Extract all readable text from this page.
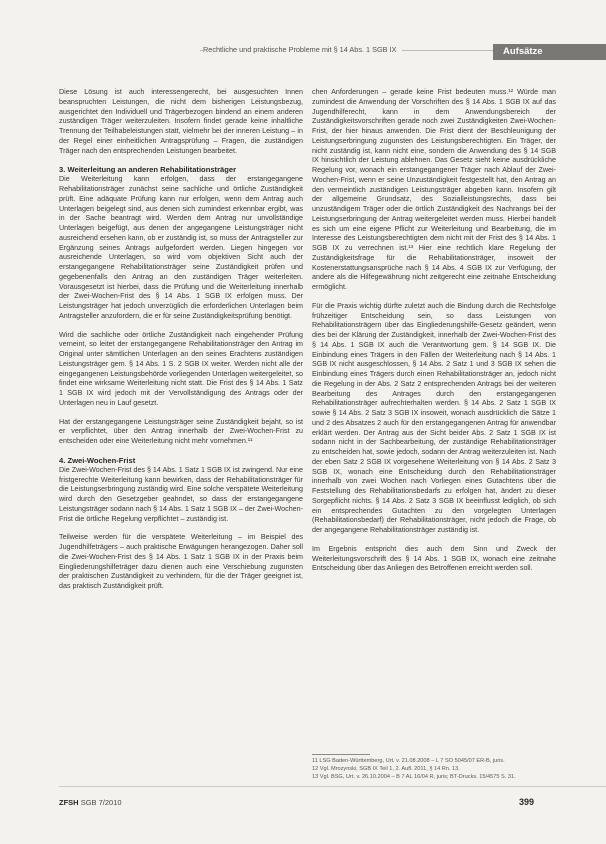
Rechtliche und praktische Probleme mit § 14 Abs. 1 SGB IX	Aufsätze

Diese Lösung ist auch interessengerecht, bei ausgesuchten Innen beanspruchten Leistungen, die nicht dem bisherigen Leistungsbezug, ausgerichtet den Individuell und Trägerbezogen bindend an einem anderen zuständigen Träger weiterzuleiten. Insofern findet gerade keine inhaltliche Trennung der Teilhabeleistungen statt, vielmehr bei der inneren Leistung – in der Regel einer einheitlichen Antragsprüfung – Fragen, die zuständigen Träger nach den entsprechenden Leistungen bearbeitet.

3. Weiterleitung an anderen Rehabilitationsträger

Die Weiterleitung kann erfolgen, dass der erstangegangene Rehabilitationsträger zunächst seine sachliche und örtliche Zuständigkeit prüft. Eine adäquate Prüfung kann nur erfolgen, wenn dem Antrag auch Unterlagen beigelegt sind, aus denen sich zumindest erkennbar ergibt, was in der Sache beantragt wird. Werden dem Antrag nur unvollständige Unterlagen beigefügt, aus denen der angegangene Leistungsträger nicht ausreichend ersehen kann, ob er zuständig ist, so muss der Antragsteller zur Ergänzung seines Antrags aufgefordert werden. Liegen hingegen vor ausreichende Unterlagen, so wird vom objektiven Sicht auch der erstangegangene Rehabilitationsträger seine Zuständigkeit prüfen und gegebenenfalls den Antrag an den zuständigen Träger weiterleiten. Vorausgesetzt ist hierbei, dass die Prüfung und die Weiterleitung innerhalb der Zwei-Wochen-Frist des § 14 Abs. 1 SGB IX erfolgen muss. Der Leistungsträger hat jedoch unverzüglich die erforderlichen Unterlagen beim Antragsteller anzufordern, die er für seine Zuständigkeitsprüfung benötigt.

Wird die sachliche oder örtliche Zuständigkeit nach eingehender Prüfung verneint, so leitet der erstangegangene Rehabilitationsträger den Antrag im Original unter sämtlichen Unterlagen an den seines Erachtens zuständigen Leistungsträger gem. § 14 Abs. 1 S. 2 SGB IX weiter. Werden nicht alle der eingegangenen Leistungsbehörde vorliegenden Unterlagen weitergeleitet, so findet eine wirksame Weiterleitung nicht statt. Die Frist des § 14 Abs. 1 Satz 1 SGB IX wird jedoch mit der Vervollständigung des Antrags oder der Unterlagen neu in Lauf gesetzt.

Hat der erstangegangene Leistungsträger seine Zuständigkeit bejaht, so ist er verpflichtet, über den Antrag innerhalb der Zwei-Wochen-Frist zu entscheiden oder eine Weiterleitung nicht mehr vornehmen.¹¹

4. Zwei-Wochen-Frist

Die Zwei-Wochen-Frist des § 14 Abs. 1 Satz 1 SGB IX ist zwingend. Nur eine fristgerechte Weiterleitung kann bewirken, dass der Rehabilitationsträger für die Leistungserbringung zuständig wird. Eine solche verspätete Weiterleitung wird durch den Gesetzgeber geahndet, so dass der erstangegangene Leistungsträger sodann nach § 14 Abs. 1 Satz 1 SGB IX – der Zwei-Wochen-Frist die örtliche Regelung verpflichtet – zuständig ist.

Teilweise werden für die verspätete Weiterleitung – im Beispiel des Jugendhilfeträgers – auch praktische Erwägungen herangezogen. Daher soll die Zwei-Wochen-Frist des § 14 Abs. 1 Satz 1 SGB IX in der Praxis beim Eingliederungshilfeträger dazu dienen auch eine Verschiebung zugunsten der praktischen Zuständigkeit zu verhindern, für die der Träger geeignet ist, das praktisch Zuständigkeit prüft.

chen Anforderungen – gerade keine Frist bedeuten muss.¹² Würde man zumindest die Anwendung der Vorschriften des § 14 Abs. 1 SGB IX auf das Jugendhilferecht, kann in dem Anwendungsbereich der Zuständigkeitsvorschriften gerade noch zwei Zuständigkeiten Zwei-Wochen-Frist, der hier hinaus anwenden. Die Frist dient der Beschleunigung der Leistungserbringung zugunsten des Leistungsberechtigten. Ein Träger, der nicht zuständig ist, kann nicht eine, sondern die Anwendung des § 14 SGB IX hinsichtlich der Leistung ablehnen. Das Gesetz sieht keine ausdrückliche Regelung vor, wonach ein erstangegangener Träger nach Ablauf der Zwei-Wochen-Frist, wenn er seine Unzuständigkeit festgestellt hat, den Antrag an den vermeintlich zuständigen Leistungsträger abgeben kann. Insofern gilt der allgemeine Grundsatz, des Sozialleistungsrechts, dass bei unzuständigem Träger oder die örtlich Zuständigkeit des Nachrangs bei der Leistungserbringung der Antrag weitergeleitet werden muss. Hierbei handelt es sich um eine eigene Pflicht zur Weiterleitung und Bearbeitung, die im Interesse des Leistungsberechtigten dem nicht mit der Frist des § 14 Abs. 1 SGB IX zu verrechnen ist.¹³ Hier eine rechtlich klare Regelung der Zuständigkeitsfrage für die Rehabilitationsträger, insoweit der Kostenerstattungsansprüche nach § 14 Abs. 4 SGB IX zur Verfügung, der andere als die Hilfegewährung nicht zeitgerecht eine zeitnahe Entscheidung ermöglicht.

Für die Praxis wichtig dürfte zuletzt auch die Bindung durch die Rechtsfolge frühzeitiger Entscheidung sein, so dass Leistungen von Rehabilitationsträgern über das Eingliederungshilfe-Gesetz geändert, wenn dies bei der Klärung der Zuständigkeit, innerhalb der Zwei-Wochen-Frist des § 14 Abs. 1 SGB IX auch die Verantwortung gem. § 14 SGB IX. Die Einbindung eines Trägers in den Fällen der Weiterleitung nach § 14 Abs. 1 SGB IX nicht ausgeschlossen, § 14 Abs. 2 Satz 1 und 3 SGB IX sehen die Einbindung eines Trägers durch einen Rehabilitationsträger an, jedoch nicht die Regelung in der Abs. 2 Satz 2 entsprechenden Antrags bei der weiteren Bearbeitung des Antrages durch den erstangegangenen Rehabilitationsträger aufrechterhalten werden. § 14 Abs. 2 Satz 1 SGB IX sowie § 14 Abs. 2 Satz 3 SGB IX insoweit, wonach ausdrücklich die Sätze 1 und 2 des Absatzes 2 auch für den erstangegangenen Antrag für anwendbar erklärt werden. Der Antrag aus der Sicht beider Abs. 2 Satz 1 SGB IX ist sodann nicht in der Sachbearbeitung, der zuständige Rehabilitationsträger zu entscheiden hat, sowie jedoch, sodann der Antrag weiterzuleiten ist. Nach der eben Satz 2 SGB IX vorgesehene Weiterleitung von § 14 Abs. 2 Satz 3 SGB IX, wonach eine Entscheidung durch den Rehabilitationsträger innerhalb von zwei Wochen nach Vorliegen eines Gutachtens über die Feststellung des Rehabilitationsbedarfs zu erfolgen hat, ändert zu dieser Sorgepflicht nichts. § 14 Abs. 2 Satz 3 SGB IX beeinflusst lediglich, ob sich ein entsprechendes Gutachten zu den vorgelegten Unterlagen (Rehabilitationsbedarf) der Rehabilitationsträger, nicht jedoch die Frage, ob der angegangene Rehabilitationsträger zuständig ist.

Im Ergebnis entspricht dies auch dem Sinn und Zweck der Weiterleitungsvorschrift des § 14 Abs. 1 SGB IX, wonach eine zeitnahe Entscheidung über das Anliegen des Betroffenen erreicht werden soll.

11 LSG Baden-Württemberg, Urt. v. 21.08.2008 – L 7 SO 5045/07 ER-B, juris.
12 Vgl. Mrozynski, SGB IX Teil 1, 2. Aufl. 2011, § 14 Rn. 13.
13 Vgl. BSG, Urt. v. 26.10.2004 – B 7 AL 16/04 R, juris; BT-Drucks. 15/4575 S. 31.
ZFSH SGB 7/2010	399
